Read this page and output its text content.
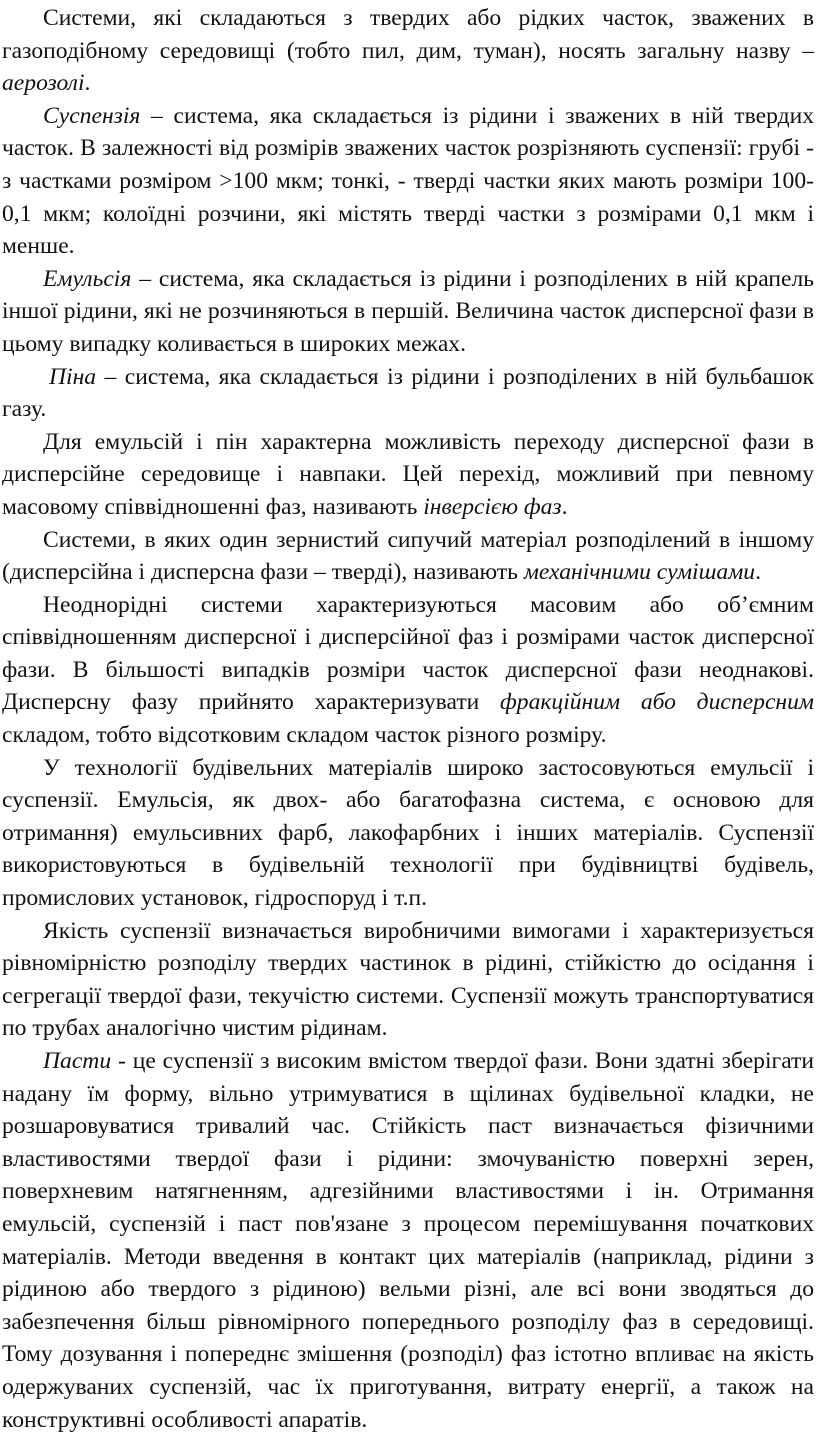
Системи, які складаються з твердих або рідких часток, зважених в газоподібному середовищі (тобто пил, дим, туман), носять загальну назву – аерозолі.

Суспензія – система, яка складається із рідини і зважених в ній твердих часток. В залежності від розмірів зважених часток розрізняють суспензії: грубі - з частками розміром >100 мкм; тонкі, - тверді частки яких мають розміри 100-0,1 мкм; колоїдні розчини, які містять тверді частки з розмірами 0,1 мкм і менше.

Емульсія – система, яка складається із рідини і розподілених в ній крапель іншої рідини, які не розчиняються в першій. Величина часток дисперсної фази в цьому випадку коливається в широких межах.

Піна – система, яка складається із рідини і розподілених в ній бульбашок газу.

Для емульсій і пін характерна можливість переходу дисперсної фази в дисперсійне середовище і навпаки. Цей перехід, можливий при певному масовому співвідношенні фаз, називають інверсією фаз.

Системи, в яких один зернистий сипучий матеріал розподілений в іншому (дисперсійна і дисперсна фази – тверді), називають механічними сумішами.

Неоднорідні системи характеризуються масовим або об’ємним співвідношенням дисперсної і дисперсійної фаз і розмірами часток дисперсної фази. В більшості випадків розміри часток дисперсної фази неоднакові. Дисперсну фазу прийнято характеризувати фракційним або дисперсним складом, тобто відсотковим складом часток різного розміру.

У технології будівельних матеріалів широко застосовуються емульсії і суспензії. Емульсія, як двох- або багатофазна система, є основою для отримання) емульсивних фарб, лакофарбних і інших матеріалів. Суспензії використовуються в будівельній технології при будівництві будівель, промислових установок, гідроспоруд і т.п.

Якість суспензії визначається виробничими вимогами і характеризується рівномірністю розподілу твердих частинок в рідині, стійкістю до осідання і сегрегації твердої фази, текучістю системи. Суспензії можуть транспортуватися по трубах аналогічно чистим рідинам.

Пасти - це суспензії з високим вмістом твердої фази. Вони здатні зберігати надану їм форму, вільно утримуватися в щілинах будівельної кладки, не розшаровуватися тривалий час. Стійкість паст визначається фізичними властивостями твердої фази і рідини: змочуваністю поверхні зерен, поверхневим натягненням, адгезійними властивостями і ін. Отримання емульсій, суспензій і паст пов'язане з процесом перемішування початкових матеріалів. Методи введення в контакт цих матеріалів (наприклад, рідини з рідиною або твердого з рідиною) вельми різні, але всі вони зводяться до забезпечення більш рівномірного попереднього розподілу фаз в середовищі. Тому дозування і попереднє змішення (розподіл) фаз істотно впливає на якість одержуваних суспензій, час їх приготування, витрату енергії, а також на конструктивні особливості апаратів.
